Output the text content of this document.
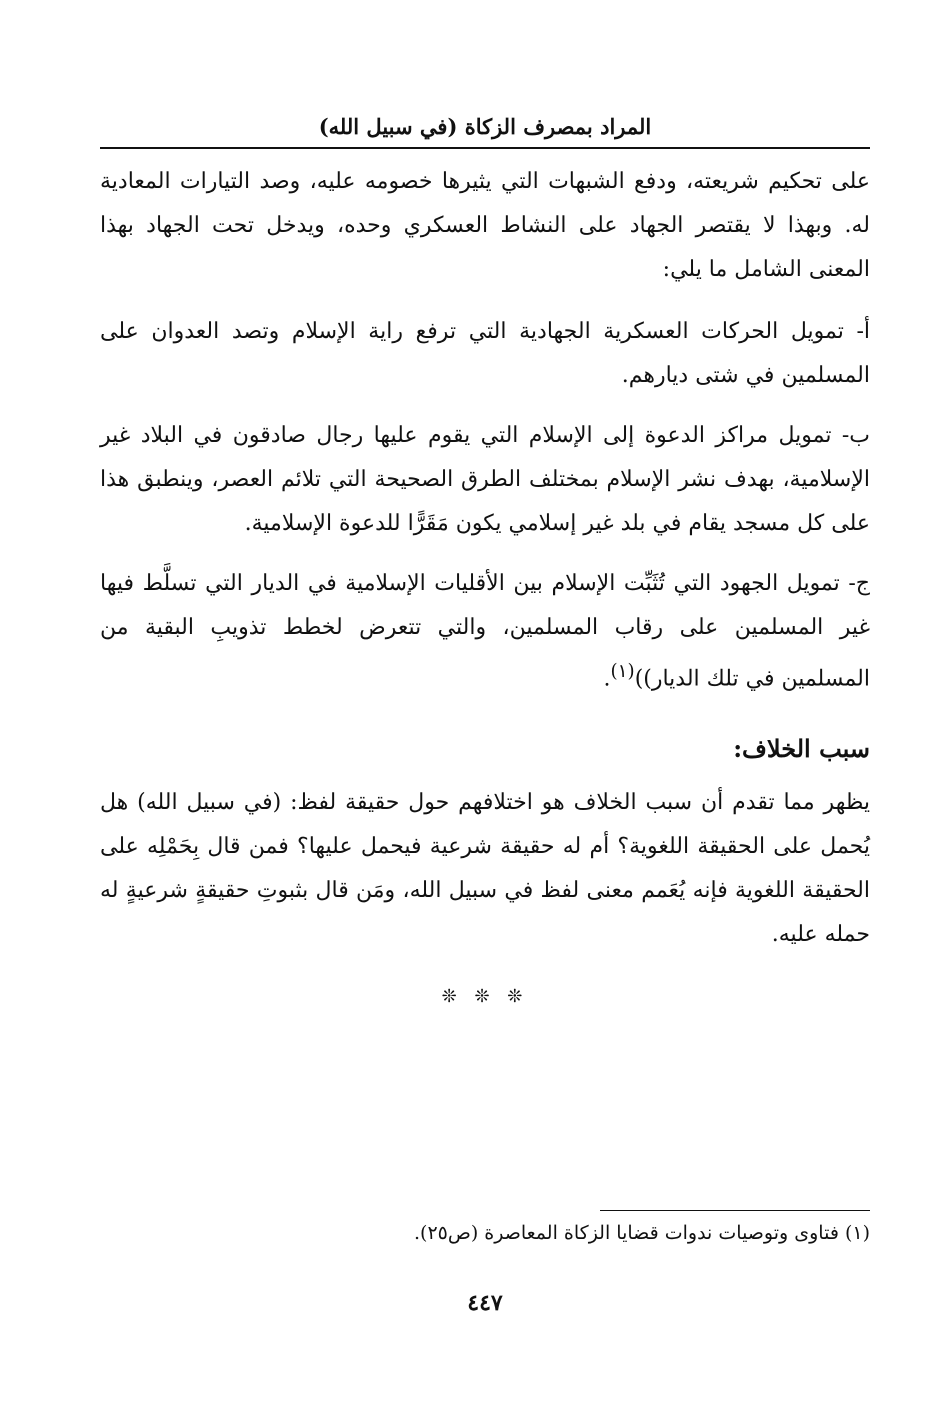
المراد بمصرف الزكاة (في سبيل الله)

على تحكيم شريعته، ودفع الشبهات التي يثيرها خصومه عليه، وصد التيارات المعادية له. وبهذا لا يقتصر الجهاد على النشاط العسكري وحده، ويدخل تحت الجهاد بهذا المعنى الشامل ما يلي:

أ- تمويل الحركات العسكرية الجهادية التي ترفع راية الإسلام وتصد العدوان على المسلمين في شتى ديارهم.

ب- تمويل مراكز الدعوة إلى الإسلام التي يقوم عليها رجال صادقون في البلاد غير الإسلامية، بهدف نشر الإسلام بمختلف الطرق الصحيحة التي تلائم العصر، وينطبق هذا على كل مسجد يقام في بلد غير إسلامي يكون مَقَرًّا للدعوة الإسلامية.

ج- تمويل الجهود التي تُثَبِّت الإسلام بين الأقليات الإسلامية في الديار التي تسلَّط فيها غير المسلمين على رقاب المسلمين، والتي تتعرض لخطط تذويبِ البقية من المسلمين في تلك الديار))$^{(١)}$.

سبب الخلاف:

يظهر مما تقدم أن سبب الخلاف هو اختلافهم حول حقيقة لفظ: (في سبيل الله) هل يُحمل على الحقيقة اللغوية؟ أم له حقيقة شرعية فيحمل عليها؟ فمن قال بِحَمْلِه على الحقيقة اللغوية فإنه يُعَمم معنى لفظ في سبيل الله، ومَن قال بثبوتِ حقيقةٍ شرعيةٍ له حمله عليه.

❊ ❊ ❊
(١) فتاوى وتوصيات ندوات قضايا الزكاة المعاصرة (ص٢٥).
٤٤٧
